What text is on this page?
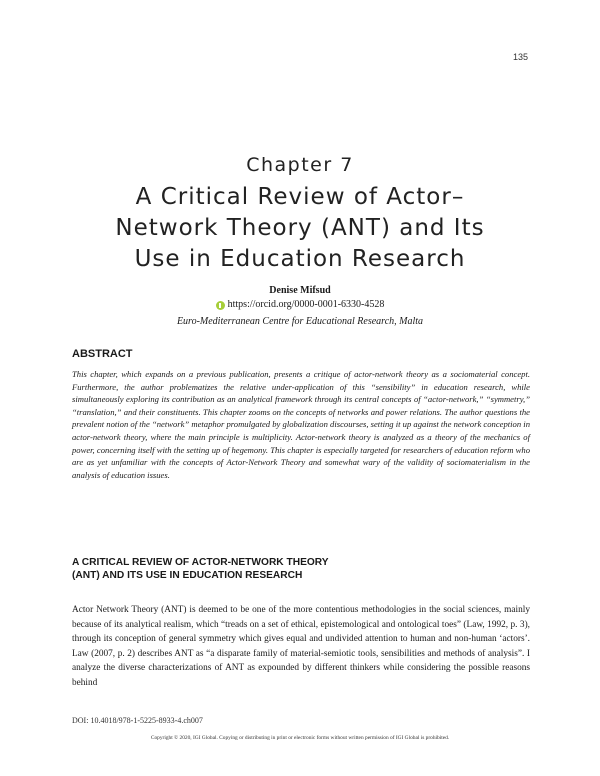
135
Chapter 7
A Critical Review of Actor–
Network Theory (ANT) and Its
Use in Education Research
Denise Mifsud
https://orcid.org/0000-0001-6330-4528
Euro-Mediterranean Centre for Educational Research, Malta
ABSTRACT

This chapter, which expands on a previous publication, presents a critique of actor-network theory as a sociomaterial concept. Furthermore, the author problematizes the relative under-application of this “sensibility” in education research, while simultaneously exploring its contribution as an analytical framework through its central concepts of “actor-network,” “symmetry,” “translation,” and their constituents. This chapter zooms on the concepts of networks and power relations. The author questions the prevalent notion of the “network” metaphor promulgated by globalization discourses, setting it up against the network conception in actor-network theory, where the main principle is multiplicity. Actor-network theory is analyzed as a theory of the mechanics of power, concerning itself with the setting up of hegemony. This chapter is especially targeted for researchers of education reform who are as yet unfamiliar with the concepts of Actor-Network Theory and somewhat wary of the validity of sociomaterialism in the analysis of education issues.

A CRITICAL REVIEW OF ACTOR-NETWORK THEORY
(ANT) AND ITS USE IN EDUCATION RESEARCH

Actor Network Theory (ANT) is deemed to be one of the more contentious methodologies in the social sciences, mainly because of its analytical realism, which “treads on a set of ethical, epistemological and ontological toes” (Law, 1992, p. 3), through its conception of general symmetry which gives equal and undivided attention to human and non-human ‘actors’. Law (2007, p. 2) describes ANT as “a disparate family of material-semiotic tools, sensibilities and methods of analysis”. I analyze the diverse characterizations of ANT as expounded by different thinkers while considering the possible reasons behind

DOI: 10.4018/978-1-5225-8933-4.ch007
Copyright © 2020, IGI Global. Copying or distributing in print or electronic forms without written permission of IGI Global is prohibited.
